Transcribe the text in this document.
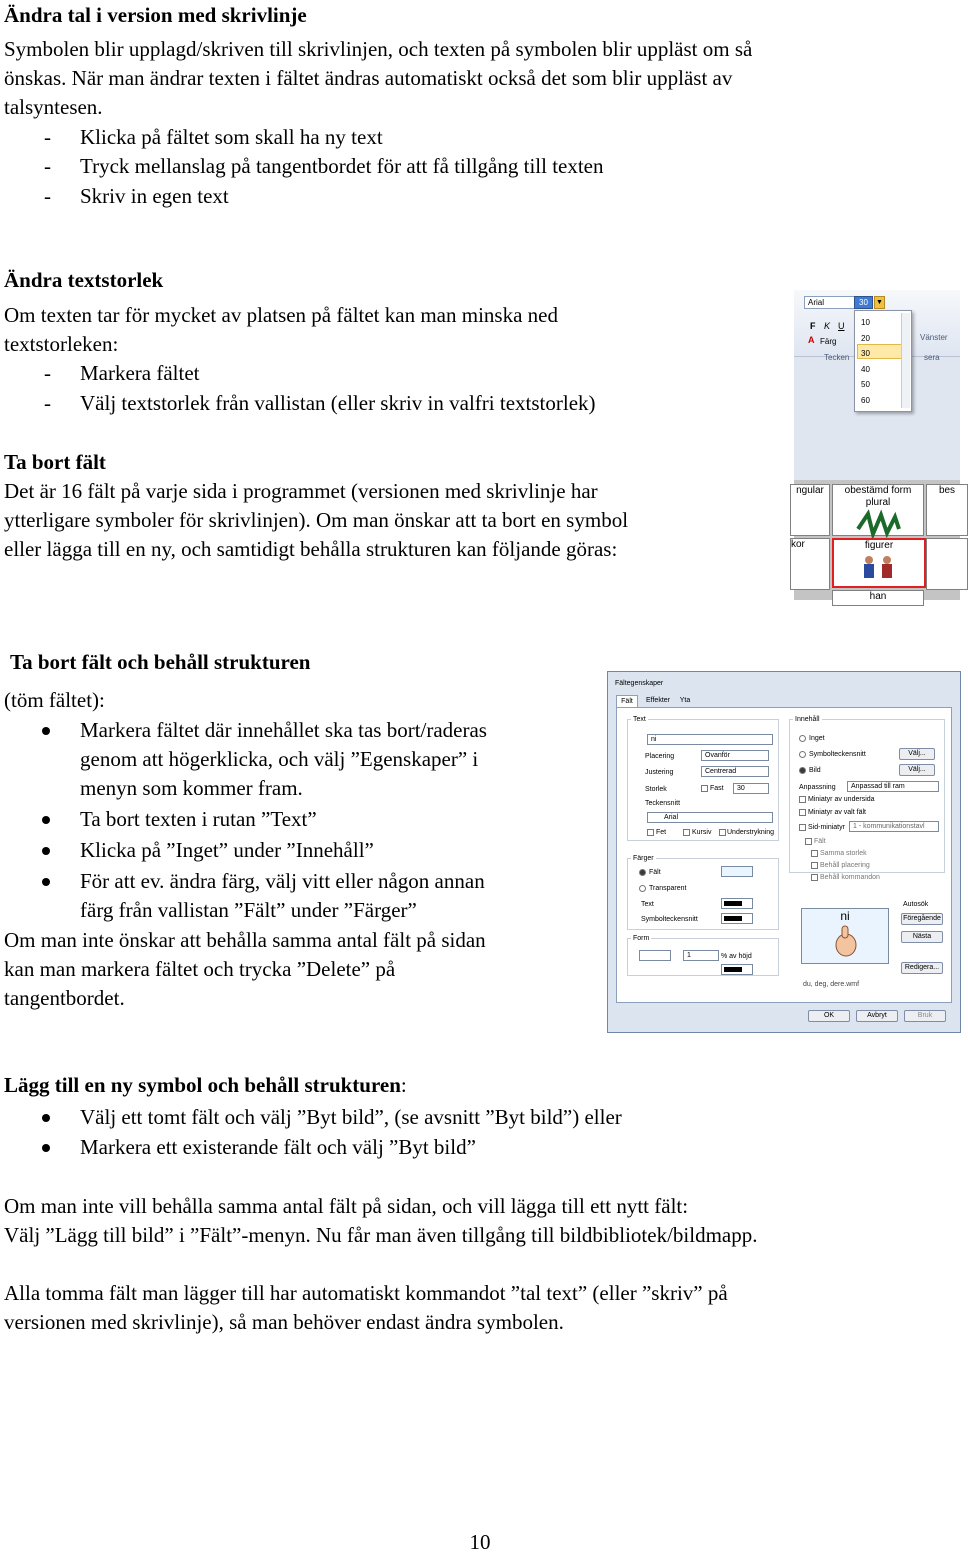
Ändra tal i version med skrivlinje

Symbolen blir upplagd/skriven till skrivlinjen, och texten på symbolen blir uppläst om så

önskas. När man ändrar texten i fältet ändras automatiskt också det som blir uppläst av

talsyntesen.

- Klicka på fältet som skall ha ny text
- Tryck mellanslag på tangentbordet för att få tillgång till texten
- Skriv in egen text
Ändra textstorlek

Om texten tar för mycket av platsen på fältet kan man minska ned

textstorleken:

- Markera fältet
- Välj textstorlek från vallistan (eller skriv in valfri textstorlek)
Ta bort fält

Det är 16 fält på varje sida i programmet (versionen med skrivlinje har

ytterligare symboler för skrivlinjen). Om man önskar att ta bort en symbol

eller lägga till en ny, och samtidigt behålla strukturen kan följande göras:

Arial	30	▼
F K U
A Färg
Tecken
Vänster
sera
10
20
30
40
50
60
ngular	obestämd form plural
bes
kor	figurer
han
Ta bort fält och behåll strukturen

(töm fältet):

Markera fältet där innehållet ska tas bort/raderas
genom att högerklicka, och välj ”Egenskaper” i
menyn som kommer fram.
Ta bort texten i rutan ”Text”
Klicka på ”Inget” under ”Innehåll”
För att ev. ändra färg, välj vitt eller någon annan
färg från vallistan ”Fält” under ”Färger”

Om man inte önskar att behålla samma antal fält på sidan

kan man markera fältet och trycka ”Delete” på

tangentbordet.

Fältegenskaper
Fält	Effekter	Yta
Text
ni
Placering	Ovanför
Justering	Centrerad
Storlek	Fast	30
Teckensnitt
Arial
Fet	Kursiv Understrykning
Innehåll
Inget
Symbolteckensnitt	Välj...
Bild	Välj...
Anpassning	Anpassad till ram
Miniatyr av undersida
Miniatyr av valt fält
Sid-miniatyr	1 - kommunikationstavl
Fält
Samma storlek
Behåll placering
Behåll kommandon
Färger
Fält
Transparent
Text
Symbolteckensnitt
Form
1	% av höjd
ni
du, deg, dere.wmf
Autosök
Föregående
Nästa
Redigera...
OK	Avbryt	Bruk
Lägg till en ny symbol och behåll strukturen:
Välj ett tomt fält och välj ”Byt bild”, (se avsnitt ”Byt bild”) eller
Markera ett existerande fält och välj ”Byt bild”

Om man inte vill behålla samma antal fält på sidan, och vill lägga till ett nytt fält:

Välj ”Lägg till bild” i ”Fält”-menyn. Nu får man även tillgång till bildbibliotek/bildmapp.

Alla tomma fält man lägger till har automatiskt kommandot ”tal text” (eller ”skriv” på

versionen med skrivlinje), så man behöver endast ändra symbolen.

10
